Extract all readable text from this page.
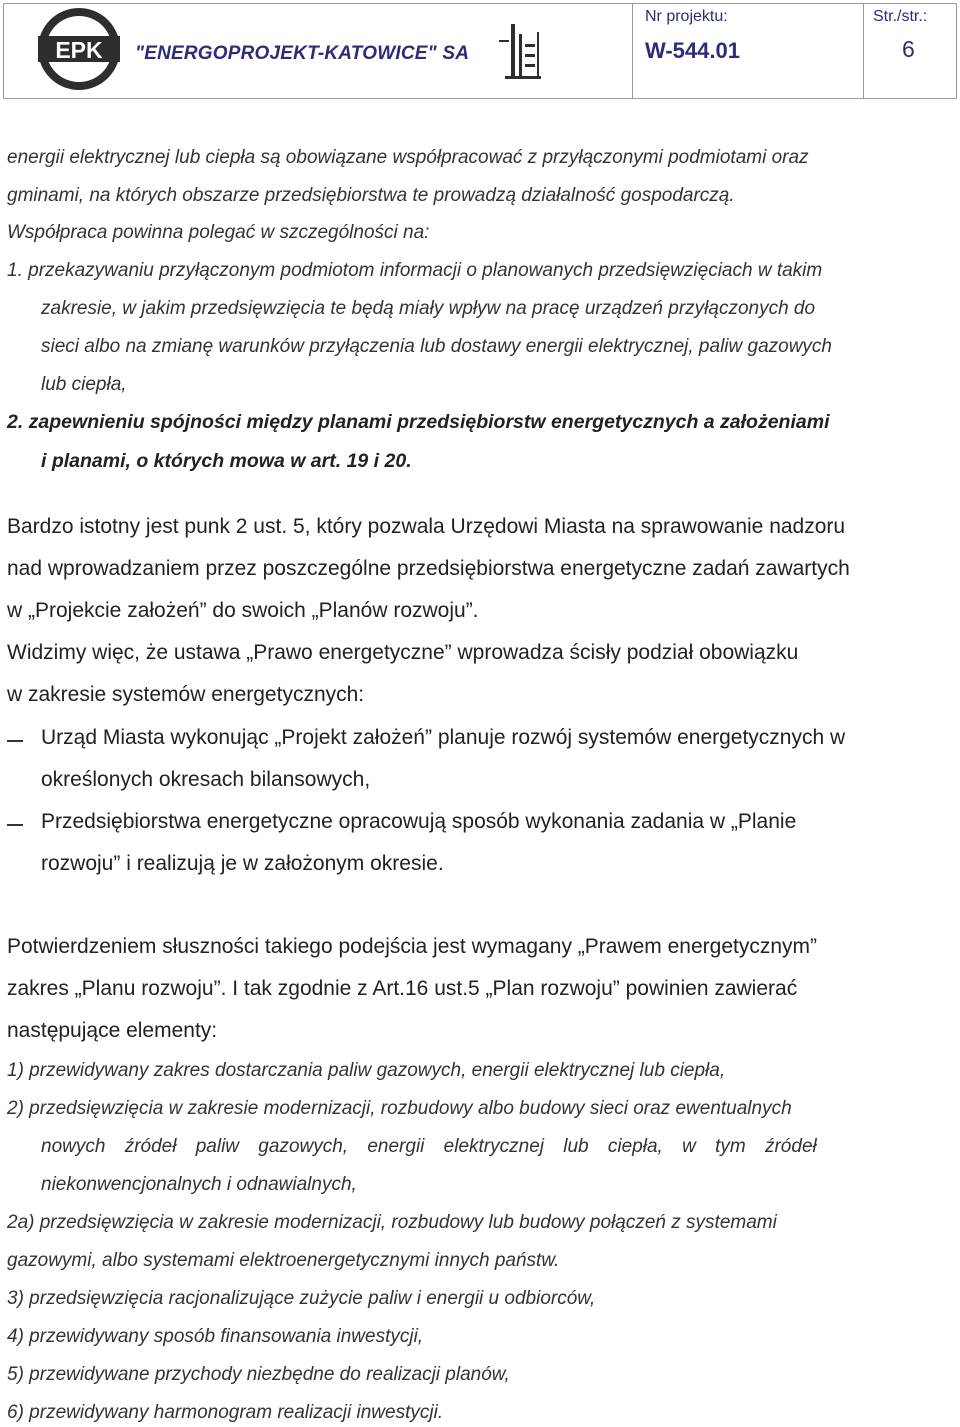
EPK "ENERGOPROJEKT-KATOWICE" SA
Nr projektu:
W-544.01
Str./str.:
6

energii elektrycznej lub ciepła są obowiązane współpracować z przyłączonymi podmiotami oraz

gminami, na których obszarze przedsiębiorstwa te prowadzą działalność gospodarczą.

Współpraca powinna polegać w szczególności na:

1. przekazywaniu przyłączonym podmiotom informacji o planowanych przedsięwzięciach w takim

zakresie, w jakim przedsięwzięcia te będą miały wpływ na pracę urządzeń przyłączonych do

sieci albo na zmianę warunków przyłączenia lub dostawy energii elektrycznej, paliw gazowych

lub ciepła,

2. zapewnieniu spójności między planami przedsiębiorstw energetycznych a założeniami

i planami, o których mowa w art. 19 i 20.

Bardzo istotny jest punk 2 ust. 5, który pozwala Urzędowi Miasta na sprawowanie nadzoru

nad wprowadzaniem przez poszczególne przedsiębiorstwa energetyczne zadań zawartych

w „Projekcie założeń” do swoich „Planów rozwoju”.

Widzimy więc, że ustawa „Prawo energetyczne” wprowadza ścisły podział obowiązku

w zakresie systemów energetycznych:

Urząd Miasta wykonując „Projekt założeń” planuje rozwój systemów energetycznych w

określonych okresach bilansowych,

Przedsiębiorstwa energetyczne opracowują sposób wykonania zadania w „Planie

rozwoju” i realizują je w założonym okresie.

Potwierdzeniem słuszności takiego podejścia jest wymagany „Prawem energetycznym”

zakres „Planu rozwoju”. I tak zgodnie z Art.16 ust.5 „Plan rozwoju” powinien zawierać

następujące elementy:

1) przewidywany zakres dostarczania paliw gazowych, energii elektrycznej lub ciepła,

2) przedsięwzięcia w zakresie modernizacji, rozbudowy albo budowy sieci oraz ewentualnych

nowych źródeł paliw gazowych, energii elektrycznej lub ciepła, w tym źródeł

niekonwencjonalnych i odnawialnych,

2a) przedsięwzięcia w zakresie modernizacji, rozbudowy lub budowy połączeń z systemami

gazowymi, albo systemami elektroenergetycznymi innych państw.

3) przedsięwzięcia racjonalizujące zużycie paliw i energii u odbiorców,

4) przewidywany sposób finansowania inwestycji,

5) przewidywane przychody niezbędne do realizacji planów,

6) przewidywany harmonogram realizacji inwestycji.
